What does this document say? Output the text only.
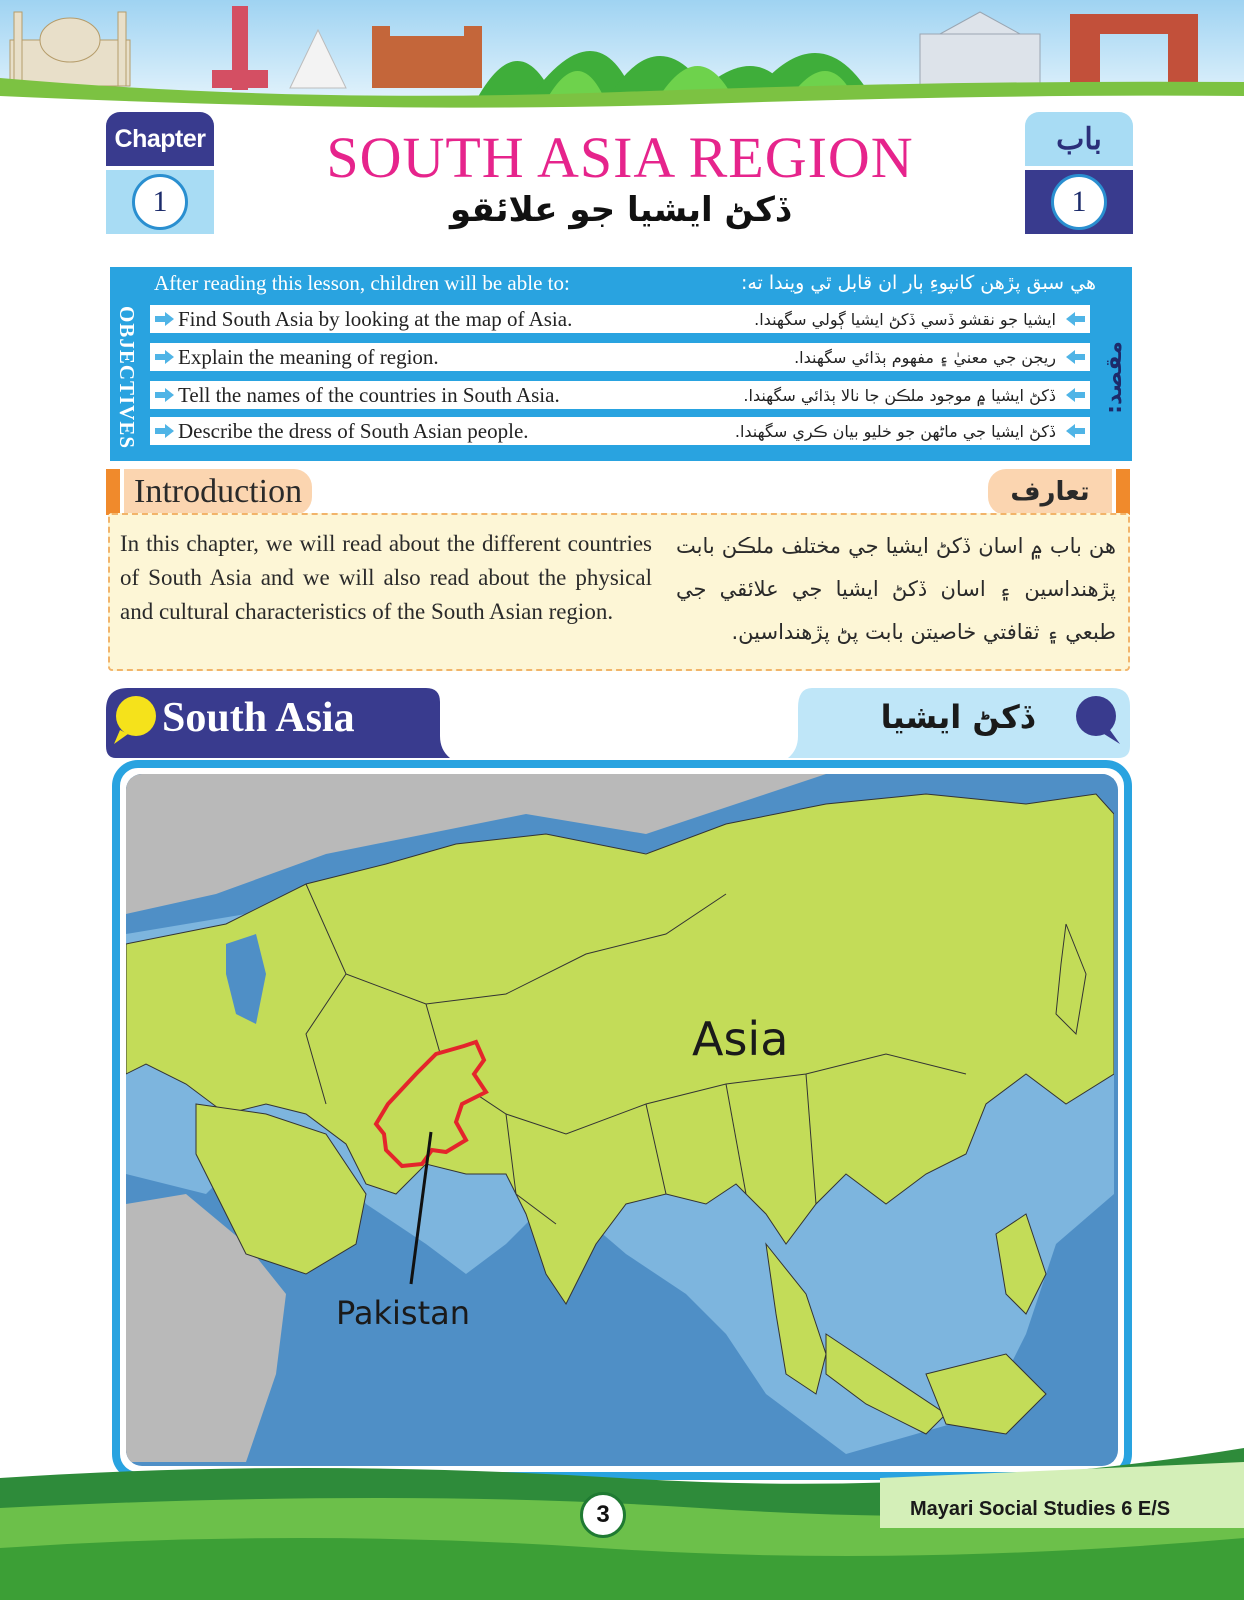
Chapter
1
باب
1
SOUTH ASIA REGION
ڏکڻ ايشيا جو علائقو
OBJECTIVES	مقصد:
After reading this lesson, children will be able to:	هي سبق پڙهن کانپوءِ ٻار ان قابل ٿي ويندا ته:
Find South Asia by looking at the map of Asia.	ايشيا جو نقشو ڏسي ڏکڻ ايشيا ڳولي سگهندا.
Explain the meaning of region.	ريجن جي معنيٰ ۽ مفهوم ٻڌائي سگهندا.
Tell the names of the countries in South Asia.	ڏکڻ ايشيا ۾ موجود ملڪن جا نالا ٻڌائي سگهندا.
Describe the dress of South Asian people.	ڏکڻ ايشيا جي ماڻهن جو خليو بيان ڪري سگهندا.
Introduction	تعارف

In this chapter, we will read about the different countries of South Asia and we will also read about the physical and cultural characteristics of the South Asian region.

هن باب ۾ اسان ڏکڻ ايشيا جي مختلف ملڪن بابت پڙهنداسين ۽ اسان ڏکڻ ايشيا جي علائقي جي طبعي ۽ ثقافتي خاصيتن بابت پڻ پڙهنداسين.

South Asia	ڏکڻ ايشيا
Asia
Pakistan
3	Mayari Social Studies 6 E/S
